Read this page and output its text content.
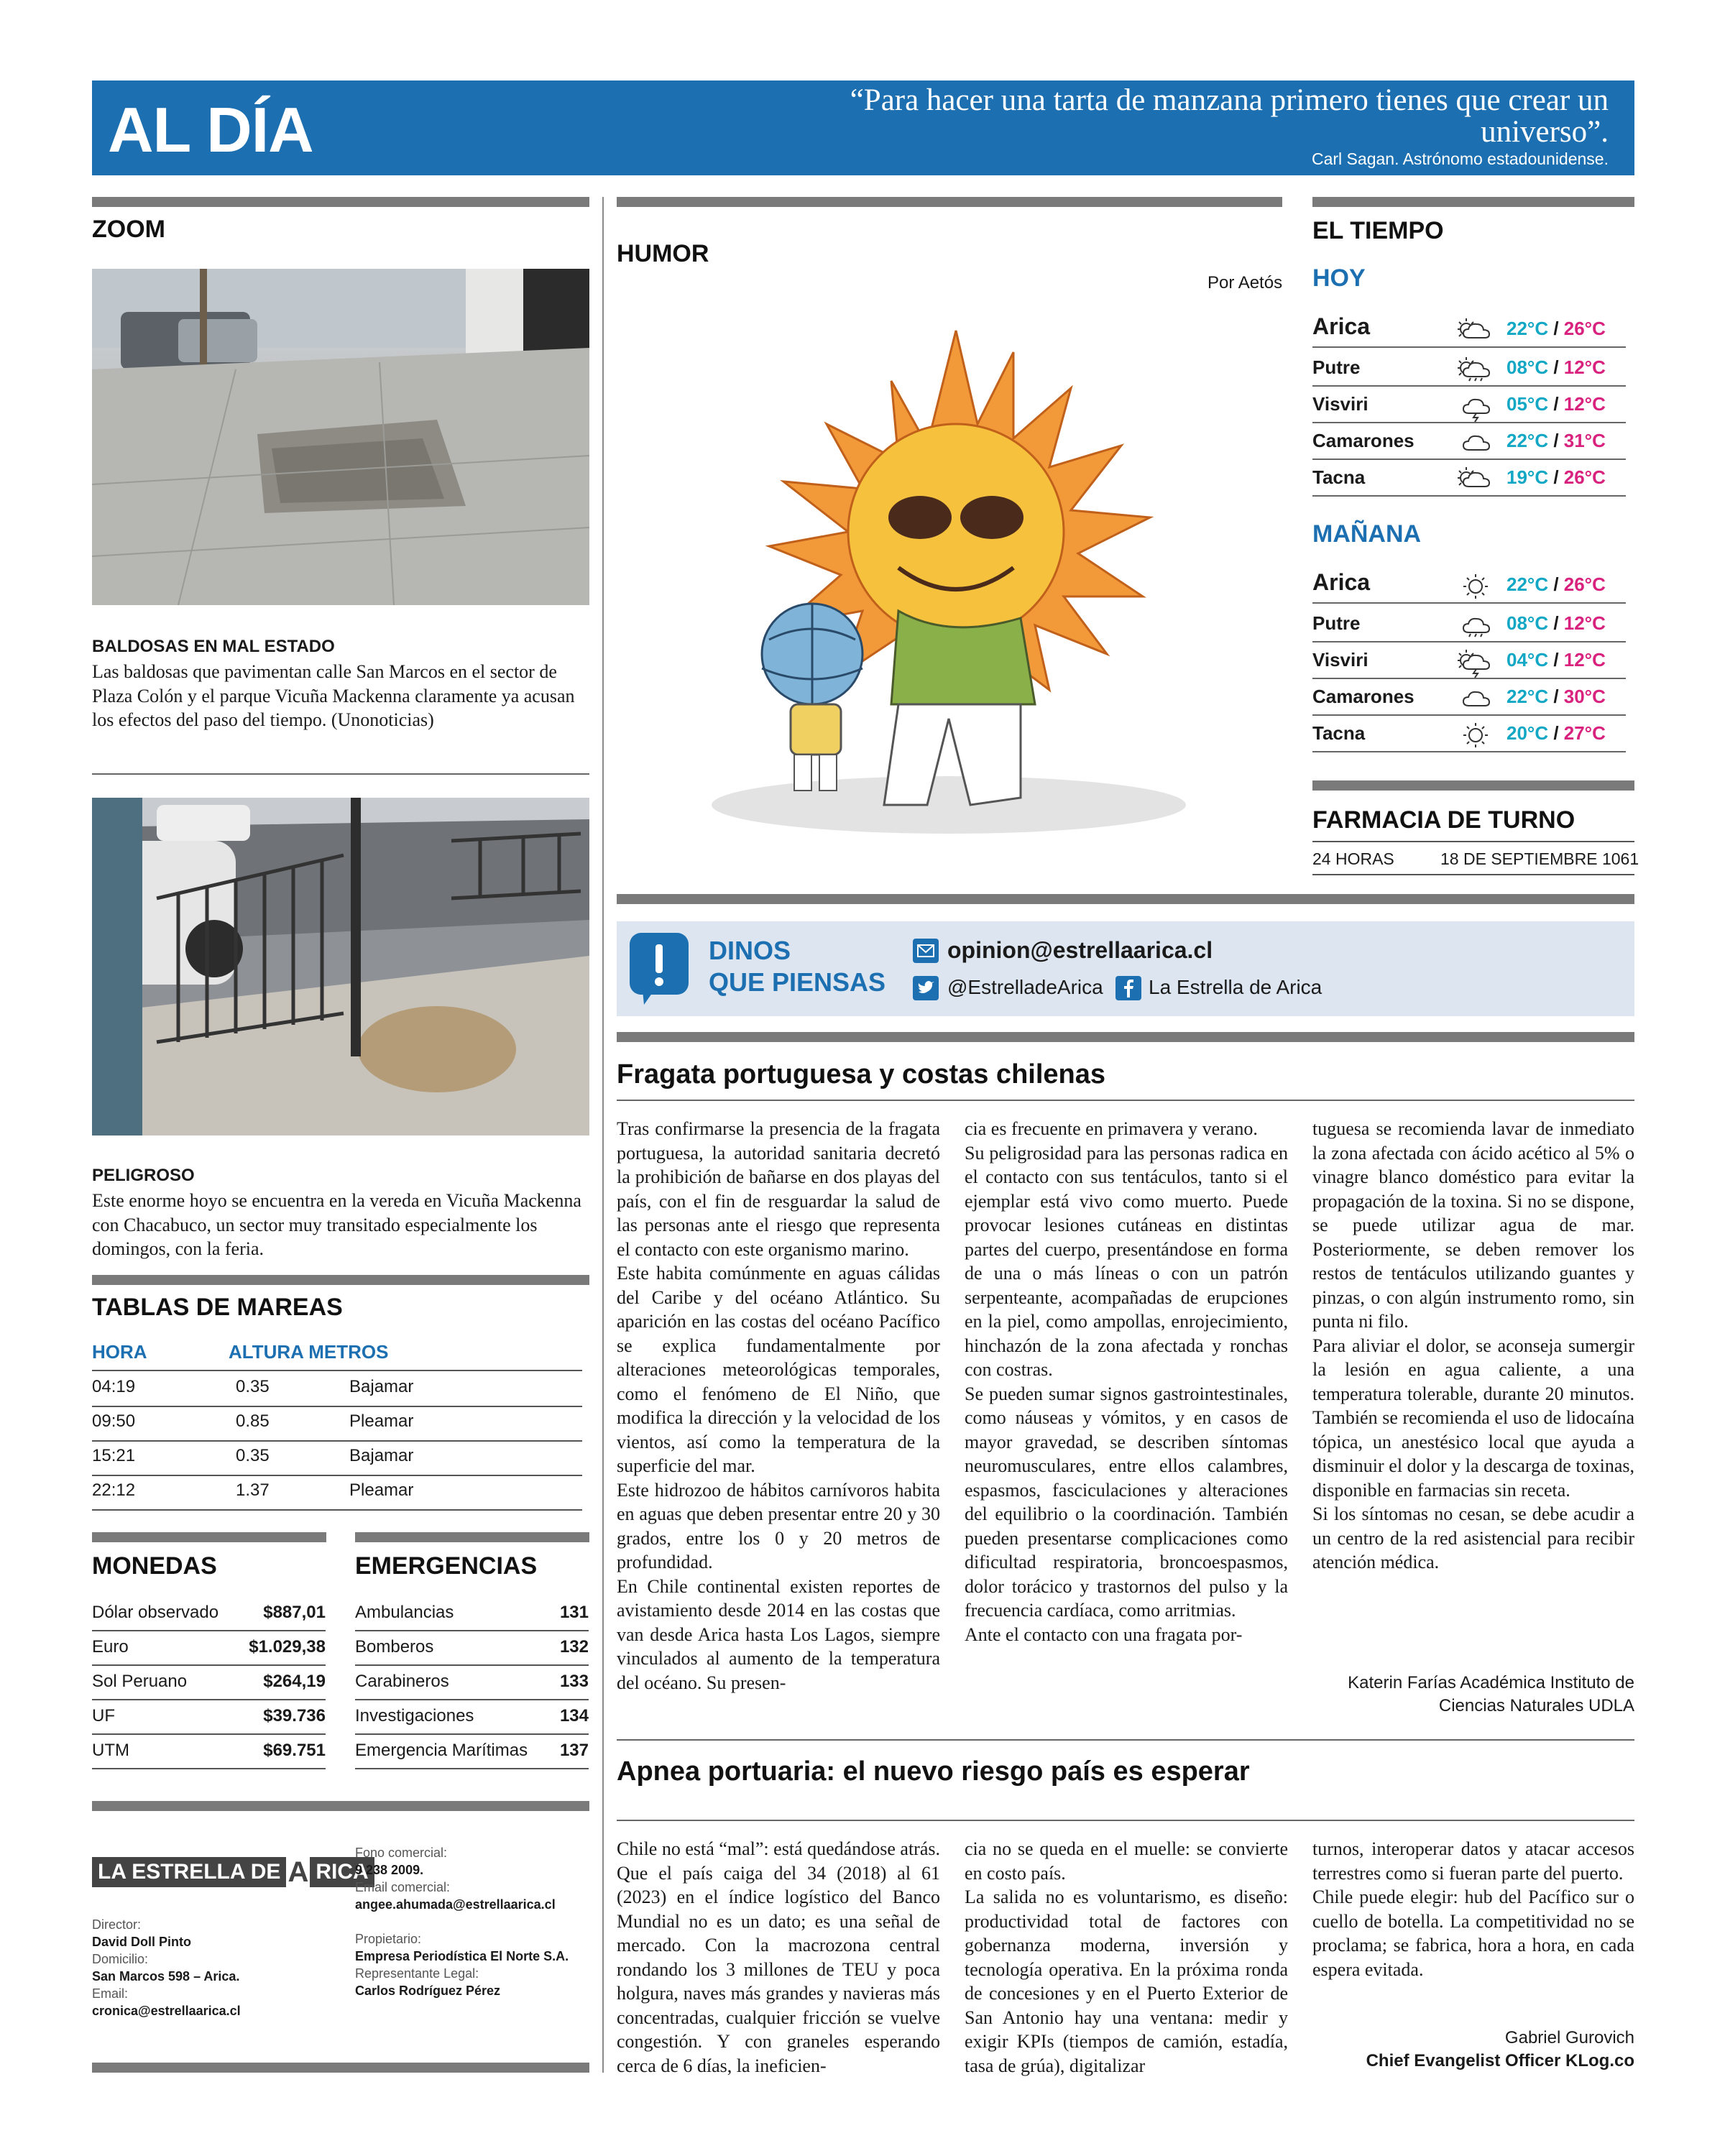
AL DÍA	“Para hacer una tarta de manzana primero tienes que crear un universo”.
Carl Sagan. Astrónomo estadounidense.
ZOOM
BALDOSAS EN MAL ESTADO
Las baldosas que pavimentan calle San Marcos en el sector de Plaza Colón y el parque Vicuña Mackenna claramente ya acusan los efectos del paso del tiempo. (Unonoticias)
PELIGROSO
Este enorme hoyo se encuentra en la vereda en Vicuña Mackenna con Chacabuco, un sector muy transitado especialmente los domingos, con la feria.
TABLAS DE MAREAS
HORA	ALTURA METROS
04:19	0.35	Bajamar
09:50	0.85	Pleamar
15:21	0.35	Bajamar
22:12	1.37	Pleamar
MONEDAS
Dólar observado	$887,01
Euro	$1.029,38
Sol Peruano	$264,19
UF	$39.736
UTM	$69.751
EMERGENCIAS
Ambulancias	131
Bomberos	132
Carabineros	133
Investigaciones	134
Emergencia Marítimas 137
LA ESTRELLA DE A RICA
Director:
David Doll Pinto
Domicilio:
San Marcos 598 – Arica.
Email:
cronica@estrellaarica.cl
Fono comercial:
9 238 2009.
Email comercial:
angee.ahumada@estrellaarica.cl
Propietario:
Empresa Periodística El Norte S.A.
Representante Legal:
Carlos Rodríguez Pérez
HUMOR
Por Aetós
EL TIEMPO
HOY
Arica	22°C / 26°C
Putre	08°C / 12°C
Visviri	05°C / 12°C
Camarones	22°C / 31°C
Tacna	19°C / 26°C
MAÑANA
Arica	22°C / 26°C
Putre	08°C / 12°C
Visviri	04°C / 12°C
Camarones	22°C / 30°C
Tacna	20°C / 27°C
FARMACIA DE TURNO
24 HORAS	18 DE SEPTIEMBRE 1061
DINOS
QUE PIENSAS
opinion@estrellaarica.cl
@EstrelladeArica La Estrella de Arica
Fragata portuguesa y costas chilenas
Tras confirmarse la presencia de la fragata portuguesa, la autoridad sanitaria decretó la prohibición de bañarse en dos playas del país, con el fin de resguardar la salud de las personas ante el riesgo que representa el contacto con este organismo marino.
Este habita comúnmente en aguas cálidas del Caribe y del océano Atlántico. Su aparición en las costas del océano Pacífico se explica fundamentalmente por alteraciones meteorológicas temporales, como el fenómeno de El Niño, que modifica la dirección y la velocidad de los vientos, así como la temperatura de la superficie del mar.
Este hidrozoo de hábitos carnívoros habita en aguas que deben presentar entre 20 y 30 grados, entre los 0 y 20 metros de profundidad.
En Chile continental existen reportes de avistamiento desde 2014 en las costas que van desde Arica hasta Los Lagos, siempre vinculados al aumento de la temperatura del océano. Su presen-
cia es frecuente en primavera y verano.
Su peligrosidad para las personas radica en el contacto con sus tentáculos, tanto si el ejemplar está vivo como muerto. Puede provocar lesiones cutáneas en distintas partes del cuerpo, presentándose en forma de una o más líneas o con un patrón serpenteante, acompañadas de erupciones en la piel, como ampollas, enrojecimiento, hinchazón de la zona afectada y ronchas con costras.
Se pueden sumar signos gastrointestinales, como náuseas y vómitos, y en casos de mayor gravedad, se describen síntomas neuromusculares, entre ellos calambres, espasmos, fasciculaciones y alteraciones del equilibrio o la coordinación. También pueden presentarse complicaciones como dificultad respiratoria, broncoespasmos, dolor torácico y trastornos del pulso y la frecuencia cardíaca, como arritmias.
Ante el contacto con una fragata por-
tuguesa se recomienda lavar de inmediato la zona afectada con ácido acético al 5% o vinagre blanco doméstico para evitar la propagación de la toxina. Si no se dispone, se puede utilizar agua de mar. Posteriormente, se deben remover los restos de tentáculos utilizando guantes y pinzas, o con algún instrumento romo, sin punta ni filo.
Para aliviar el dolor, se aconseja sumergir la lesión en agua caliente, a una temperatura tolerable, durante 20 minutos. También se recomienda el uso de lidocaína tópica, un anestésico local que ayuda a disminuir el dolor y la descarga de toxinas, disponible en farmacias sin receta.
Si los síntomas no cesan, se debe acudir a un centro de la red asistencial para recibir atención médica.
Katerin Farías Académica Instituto de
Ciencias Naturales UDLA
Apnea portuaria: el nuevo riesgo país es esperar
Chile no está “mal”: está quedándose atrás. Que el país caiga del 34 (2018) al 61 (2023) en el índice logístico del Banco Mundial no es un dato; es una señal de mercado. Con la macrozona central rondando los 3 millones de TEU y poca holgura, naves más grandes y navieras más concentradas, cualquier fricción se vuelve congestión. Y con graneles esperando cerca de 6 días, la ineficien-
cia no se queda en el muelle: se convierte en costo país.
La salida no es voluntarismo, es diseño: productividad total de factores con gobernanza moderna, inversión y tecnología operativa. En la próxima ronda de concesiones y en el Puerto Exterior de San Antonio hay una ventana: medir y exigir KPIs (tiempos de camión, estadía, tasa de grúa), digitalizar
turnos, interoperar datos y atacar accesos terrestres como si fueran parte del puerto.
Chile puede elegir: hub del Pacífico sur o cuello de botella. La competitividad no se proclama; se fabrica, hora a hora, en cada espera evitada.
Gabriel Gurovich
Chief Evangelist Officer KLog.co
